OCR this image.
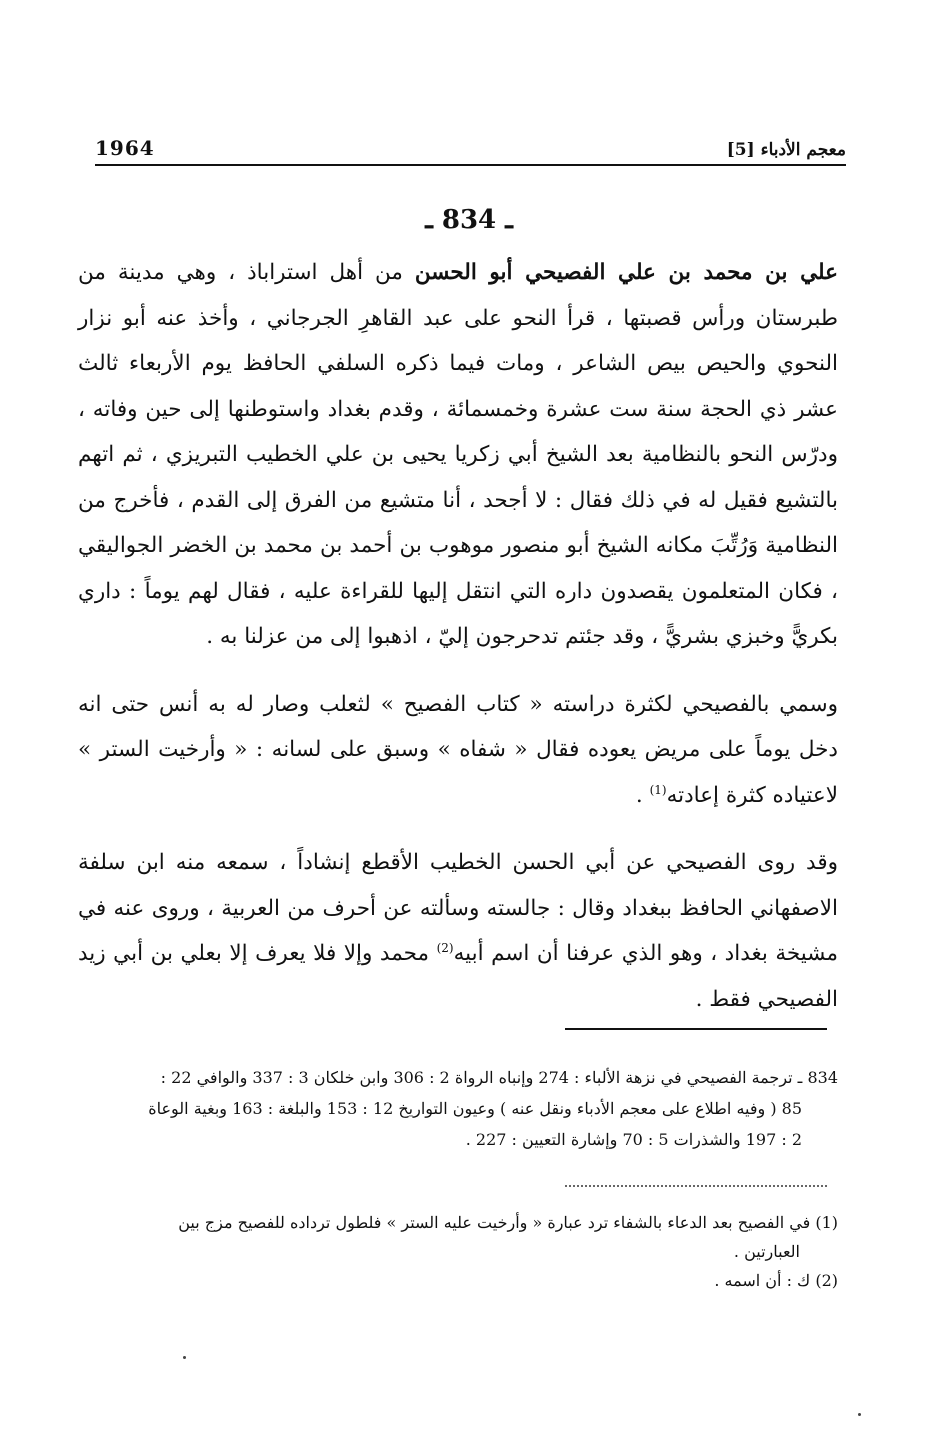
1964	معجم الأدباء [5]
ـ 834 ـ

علي بن محمد بن علي الفصيحي أبو الحسن من أهل استراباذ ، وهي مدينة من طبرستان ورأس قصبتها ، قرأ النحو على عبد القاهرِ الجرجاني ، وأخذ عنه أبو نزار النحوي والحيص بيص الشاعر ، ومات فيما ذكره السلفي الحافظ يوم الأربعاء ثالث عشر ذي الحجة سنة ست عشرة وخمسمائة ، وقدم بغداد واستوطنها إلى حين وفاته ، ودرّس النحو بالنظامية بعد الشيخ أبي زكريا يحيى بن علي الخطيب التبريزي ، ثم اتهم بالتشيع فقيل له في ذلك فقال : لا أجحد ، أنا متشيع من الفرق إلى القدم ، فأخرج من النظامية وَرُتِّبَ مكانه الشيخ أبو منصور موهوب بن أحمد بن محمد بن الخضر الجواليقي ، فكان المتعلمون يقصدون داره التي انتقل إليها للقراءة عليه ، فقال لهم يوماً : داري بكريًّ وخبزي بشريًّ ، وقد جئتم تدحرجون إليّ ، اذهبوا إلى من عزلنا به .

وسمي بالفصيحي لكثرة دراسته « كتاب الفصيح » لثعلب وصار له به أنس حتى انه دخل يوماً على مريض يعوده فقال « شفاه » وسبق على لسانه : « وأرخيت الستر » لاعتياده كثرة إعادته$^{(1)}$ .

وقد روى الفصيحي عن أبي الحسن الخطيب الأقطع إنشاداً ، سمعه منه ابن سلفة الاصفهاني الحافظ ببغداد وقال : جالسته وسألته عن أحرف من العربية ، وروى عنه في مشيخة بغداد ، وهو الذي عرفنا أن اسم أبيه$^{(2)}$ محمد وإلا فلا يعرف إلا بعلي بن أبي زيد الفصيحي فقط .

834 ـ ترجمة الفصيحي في نزهة الألباء : 274 وإنباه الرواة 2 : 306 وابن خلكان 3 : 337 والوافي 22 :

85 ( وفيه اطلاع على معجم الأدباء ونقل عنه ) وعيون التواريخ 12 : 153 والبلغة : 163 وبغية الوعاة

2 : 197 والشذرات 5 : 70 وإشارة التعيين : 227 .

(1) في الفصيح بعد الدعاء بالشفاء ترد عبارة « وأرخيت عليه الستر » فلطول ترداده للفصيح مزج بين

العبارتين .

(2) ك : أن اسمه .
